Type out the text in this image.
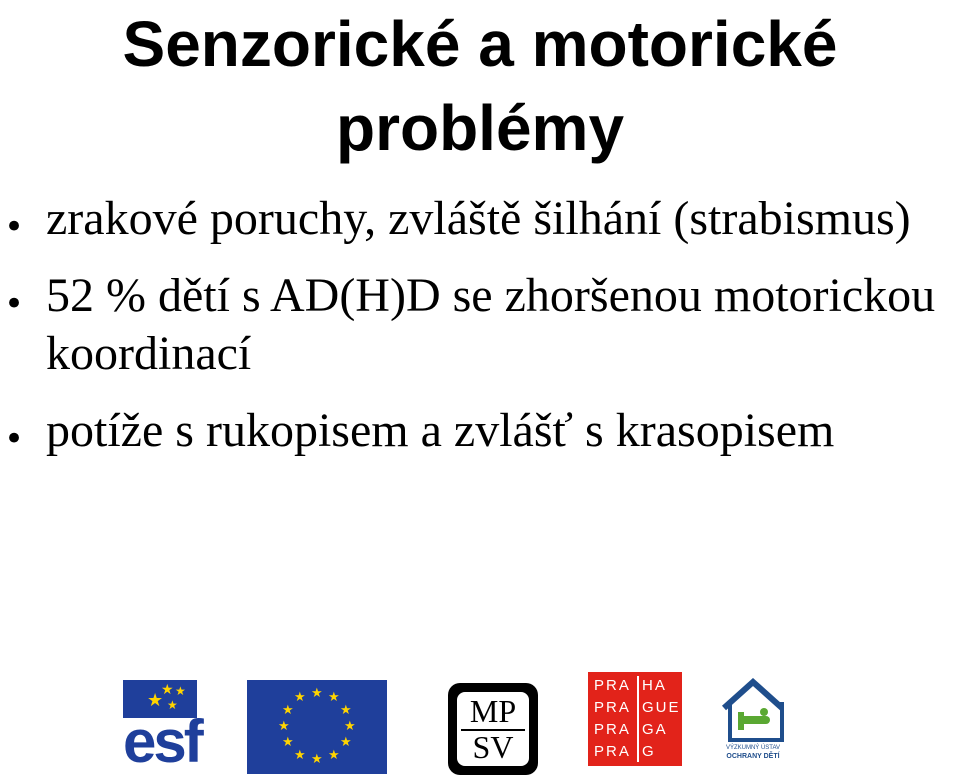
Senzorické a motorické problémy
• zrakové poruchy, zvláště šilhání (strabismus)
• 52 % dětí s AD(H)D se zhoršenou motorickou koordinací
• potíže s rukopisem a zvlášť s krasopisem
★ ★
★ ★
esf
★ ★
★
★
★
★
★
★
★
★
★
★	MP
SV
PRA HA
PRA GUE
PRA GA
PRA G	VÝZKUMNÝ ÚSTAV
OCHRANY DĚTÍ
